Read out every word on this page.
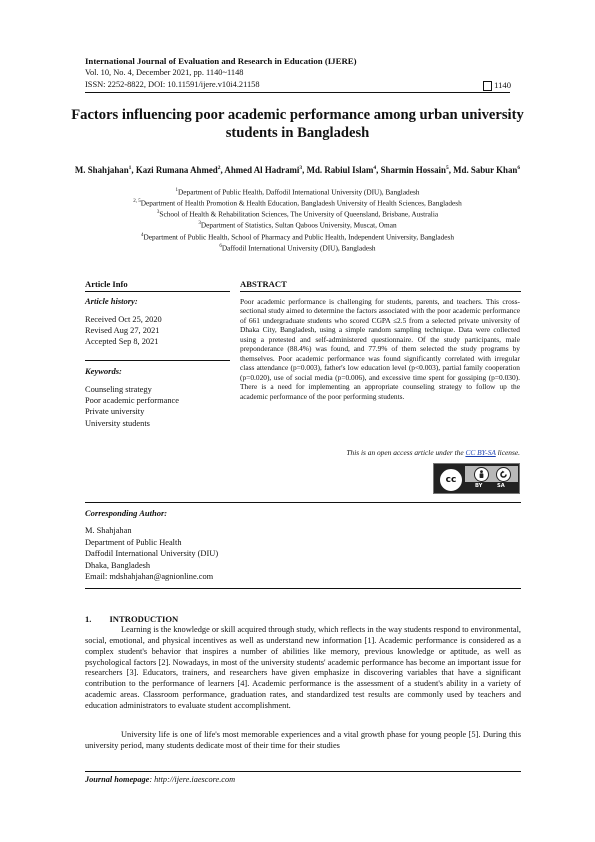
International Journal of Evaluation and Research in Education (IJERE)
Vol. 10, No. 4, December 2021, pp. 1140~1148
ISSN: 2252-8822, DOI: 10.11591/ijere.v10i4.21158	1140
Factors influencing poor academic performance among urban university students in Bangladesh
M. Shahjahan$^1$, Kazi Rumana Ahmed$^2$, Ahmed Al Hadrami$^3$, Md. Rabiul Islam$^4$, Sharmin Hossain$^5$, Md. Sabur Khan$^6$
$^1$Department of Public Health, Daffodil International University (DIU), Bangladesh
$^{2, 5}$Department of Health Promotion & Health Education, Bangladesh University of Health Sciences, Bangladesh
$^3$School of Health & Rehabilitation Sciences, The University of Queensland, Brisbane, Australia
$^3$Department of Statistics, Sultan Qaboos University, Muscat, Oman
$^4$Department of Public Health, School of Pharmacy and Public Health, Independent University, Bangladesh
$^6$Daffodil International University (DIU), Bangladesh
Article Info
Article history:
Received Oct 25, 2020
Revised Aug 27, 2021
Accepted Sep 8, 2021
Keywords:
Counseling strategy
Poor academic performance
Private university
University students
ABSTRACT
Poor academic performance is challenging for students, parents, and teachers. This cross-sectional study aimed to determine the factors associated with the poor academic performance of 661 undergraduate students who scored CGPA ≤2.5 from a selected private university of Dhaka City, Bangladesh, using a simple random sampling technique. Data were collected using a pretested and self-administered questionnaire. Of the study participants, male preponderance (88.4%) was found, and 77.9% of them selected the study programs by themselves. Poor academic performance was found significantly correlated with irregular class attendance (p=0.003), father's low education level (p<0.003), partial family cooperation (p=0.020), use of social media (p=0.006), and excessive time spent for gossiping (p=0.030). There is a need for implementing an appropriate counseling strategy to follow up the academic performance of the poor performing students.
This is an open access article under the CC BY-SA license.
cc
BY	SA
Corresponding Author:
M. Shahjahan
Department of Public Health
Daffodil International University (DIU)
Dhaka, Bangladesh
Email: mdshahjahan@agnionline.com
1. INTRODUCTION
Learning is the knowledge or skill acquired through study, which reflects in the way students respond to environmental, social, emotional, and physical incentives as well as understand new information [1]. Academic performance is considered as a complex student's behavior that inspires a number of abilities like memory, previous knowledge or aptitude, as well as psychological factors [2]. Nowadays, in most of the university students' academic performance has become an important issue for researchers [3]. Educators, trainers, and researchers have given emphasize in discovering variables that have a significant contribution to the performance of learners [4]. Academic performance is the assessment of a student's ability in a variety of academic areas. Classroom performance, graduation rates, and standardized test results are commonly used by teachers and education administrators to evaluate student accomplishment.
University life is one of life's most memorable experiences and a vital growth phase for young people [5]. During this university period, many students dedicate most of their time for their studies
Journal homepage: http://ijere.iaescore.com
